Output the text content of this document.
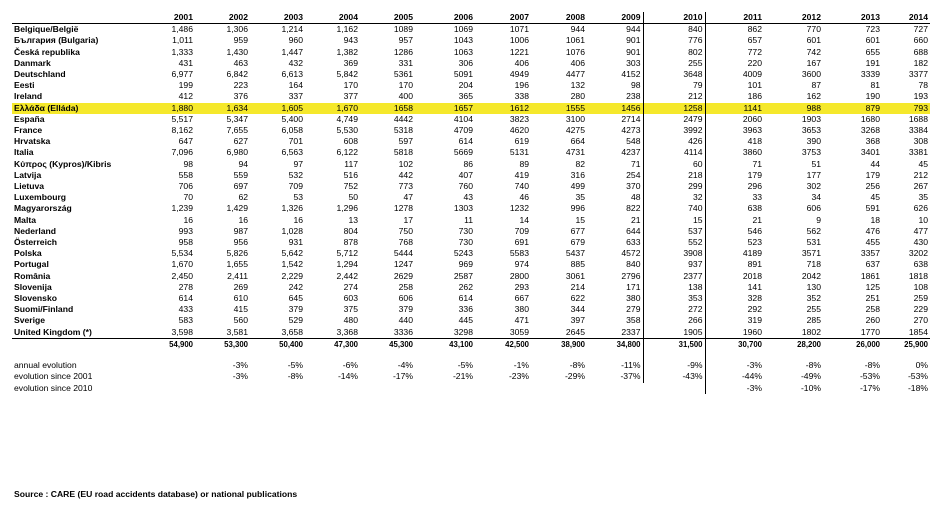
	2001	2002	2003	2004	2005	2006	2007	2008	2009	2010	2011	2012	2013	2014
Belgique/België	1,486	1,306	1,214	1,162	1089	1069	1071	944	944	840	862	770	723	727
България (Bulgaria)	1,011	959	960	943	957	1043	1006	1061	901	776	657	601	601	660
Česká republika	1,333	1,430	1,447	1,382	1286	1063	1221	1076	901	802	772	742	655	688
Danmark	431	463	432	369	331	306	406	406	303	255	220	167	191	182
Deutschland	6,977	6,842	6,613	5,842	5361	5091	4949	4477	4152	3648	4009	3600	3339	3377
Eesti	199	223	164	170	170	204	196	132	98	79	101	87	81	78
Ireland	412	376	337	377	400	365	338	280	238	212	186	162	190	193
Ελλάδα (Elláda)	1,880	1,634	1,605	1,670	1658	1657	1612	1555	1456	1258	1141	988	879	793
España	5,517	5,347	5,400	4,749	4442	4104	3823	3100	2714	2479	2060	1903	1680	1688
France	8,162	7,655	6,058	5,530	5318	4709	4620	4275	4273	3992	3963	3653	3268	3384
Hrvatska	647	627	701	608	597	614	619	664	548	426	418	390	368	308
Italia	7,096	6,980	6,563	6,122	5818	5669	5131	4731	4237	4114	3860	3753	3401	3381
Κύπρος (Kypros)/Kibris	98	94	97	117	102	86	89	82	71	60	71	51	44	45
Latvija	558	559	532	516	442	407	419	316	254	218	179	177	179	212
Lietuva	706	697	709	752	773	760	740	499	370	299	296	302	256	267
Luxembourg	70	62	53	50	47	43	46	35	48	32	33	34	45	35
Magyarország	1,239	1,429	1,326	1,296	1278	1303	1232	996	822	740	638	606	591	626
Malta	16	16	16	13	17	11	14	15	21	15	21	9	18	10
Nederland	993	987	1,028	804	750	730	709	677	644	537	546	562	476	477
Österreich	958	956	931	878	768	730	691	679	633	552	523	531	455	430
Polska	5,534	5,826	5,642	5,712	5444	5243	5583	5437	4572	3908	4189	3571	3357	3202
Portugal	1,670	1,655	1,542	1,294	1247	969	974	885	840	937	891	718	637	638
România	2,450	2,411	2,229	2,442	2629	2587	2800	3061	2796	2377	2018	2042	1861	1818
Slovenija	278	269	242	274	258	262	293	214	171	138	141	130	125	108
Slovensko	614	610	645	603	606	614	667	622	380	353	328	352	251	259
Suomi/Finland	433	415	379	375	379	336	380	344	279	272	292	255	258	229
Sverige	583	560	529	480	440	445	471	397	358	266	319	285	260	270
United Kingdom (*)	3,598	3,581	3,658	3,368	3336	3298	3059	2645	2337	1905	1960	1802	1770	1854
	54,900	53,300	50,400	47,300	45,300	43,100	42,500	38,900	34,800	31,500	30,700	28,200	26,000	25,900

annual evolution		-3%	-5%	-6%	-4%	-5%	-1%	-8%	-11%	-9%	-3%	-8%	-8%	0%
evolution since 2001		-3%	-8%	-14%	-17%	-21%	-23%	-29%	-37%	-43%	-44%	-49%	-53%	-53%
evolution since 2010											-3%	-10%	-17%	-18%
Source : CARE (EU road accidents database) or national publications
